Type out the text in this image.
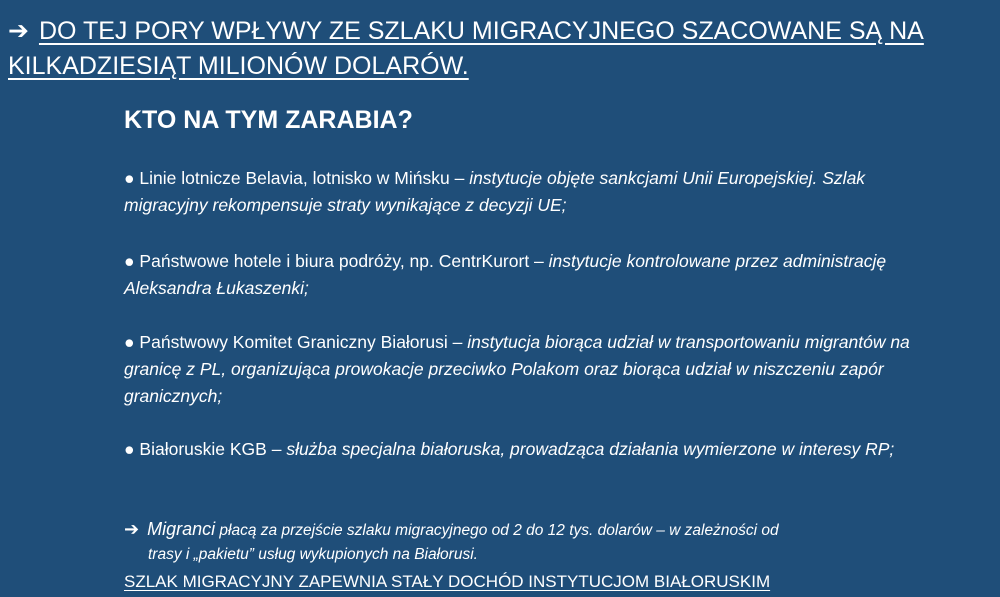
➔ DO TEJ PORY WPŁYWY ZE SZLAKU MIGRACYJNEGO SZACOWANE SĄ NA KILKADZIESIĄT MILIONÓW DOLARÓW.
KTO NA TYM ZARABIA?

● Linie lotnicze Belavia, lotnisko w Mińsku – instytucje objęte sankcjami Unii Europejskiej. Szlak migracyjny rekompensuje straty wynikające z decyzji UE;

● Państwowe hotele i biura podróży, np. CentrKurort – instytucje kontrolowane przez administrację Aleksandra Łukaszenki;

● Państwowy Komitet Graniczny Białorusi – instytucja biorąca udział w transportowaniu migrantów na granicę z PL, organizująca prowokacje przeciwko Polakom oraz biorąca udział w niszczeniu zapór granicznych;

● Białoruskie KGB – służba specjalna białoruska, prowadząca działania wymierzone w interesy RP;

➔ Migranci płacą za przejście szlaku migracyjnego od 2 do 12 tys. dolarów – w zależności od
trasy i „pakietu” usług wykupionych na Białorusi.
SZLAK MIGRACYJNY ZAPEWNIA STAŁY DOCHÓD INSTYTUCJOM BIAŁORUSKIM
